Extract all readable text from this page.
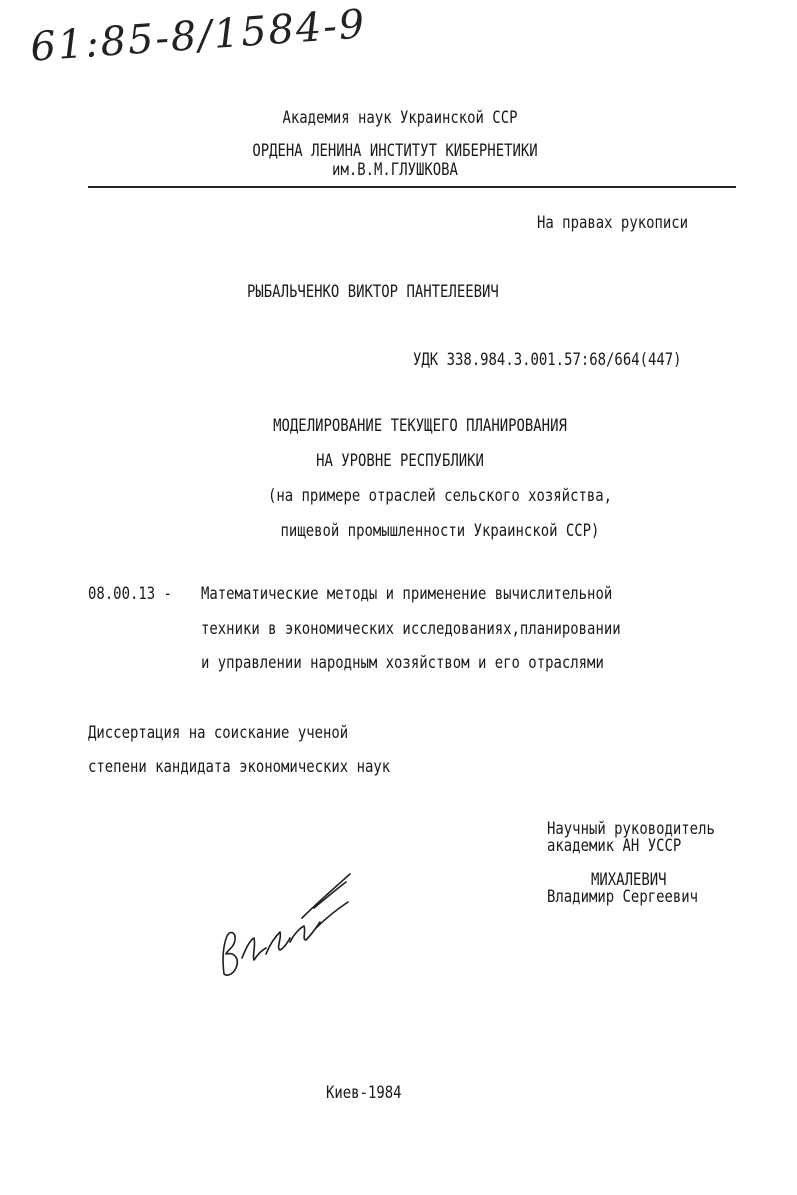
61:85-8/1584-9
Академия наук Украинской ССР
ОРДЕНА ЛЕНИНА ИНСТИТУТ КИБЕРНЕТИКИ
им.В.М.ГЛУШКОВА
На правах рукописи
РЫБАЛЬЧЕНКО ВИКТОР ПАНТЕЛЕЕВИЧ
УДК 338.984.3.001.57:68/664(447)
МОДЕЛИРОВАНИЕ ТЕКУЩЕГО ПЛАНИРОВАНИЯ
НА УРОВНЕ РЕСПУБЛИКИ
(на примере отраслей сельского хозяйства,
пищевой промышленности Украинской ССР)
08.00.13 - Математические методы и применение вычислительной
техники в экономических исследованиях,планировании
и управлении народным хозяйством и его отраслями
Диссертация на соискание ученой
степени кандидата экономических наук
Научный руководитель
академик АН УССР
МИХАЛЕВИЧ
Владимир Сергеевич
ВРыбал
Киев-1984
